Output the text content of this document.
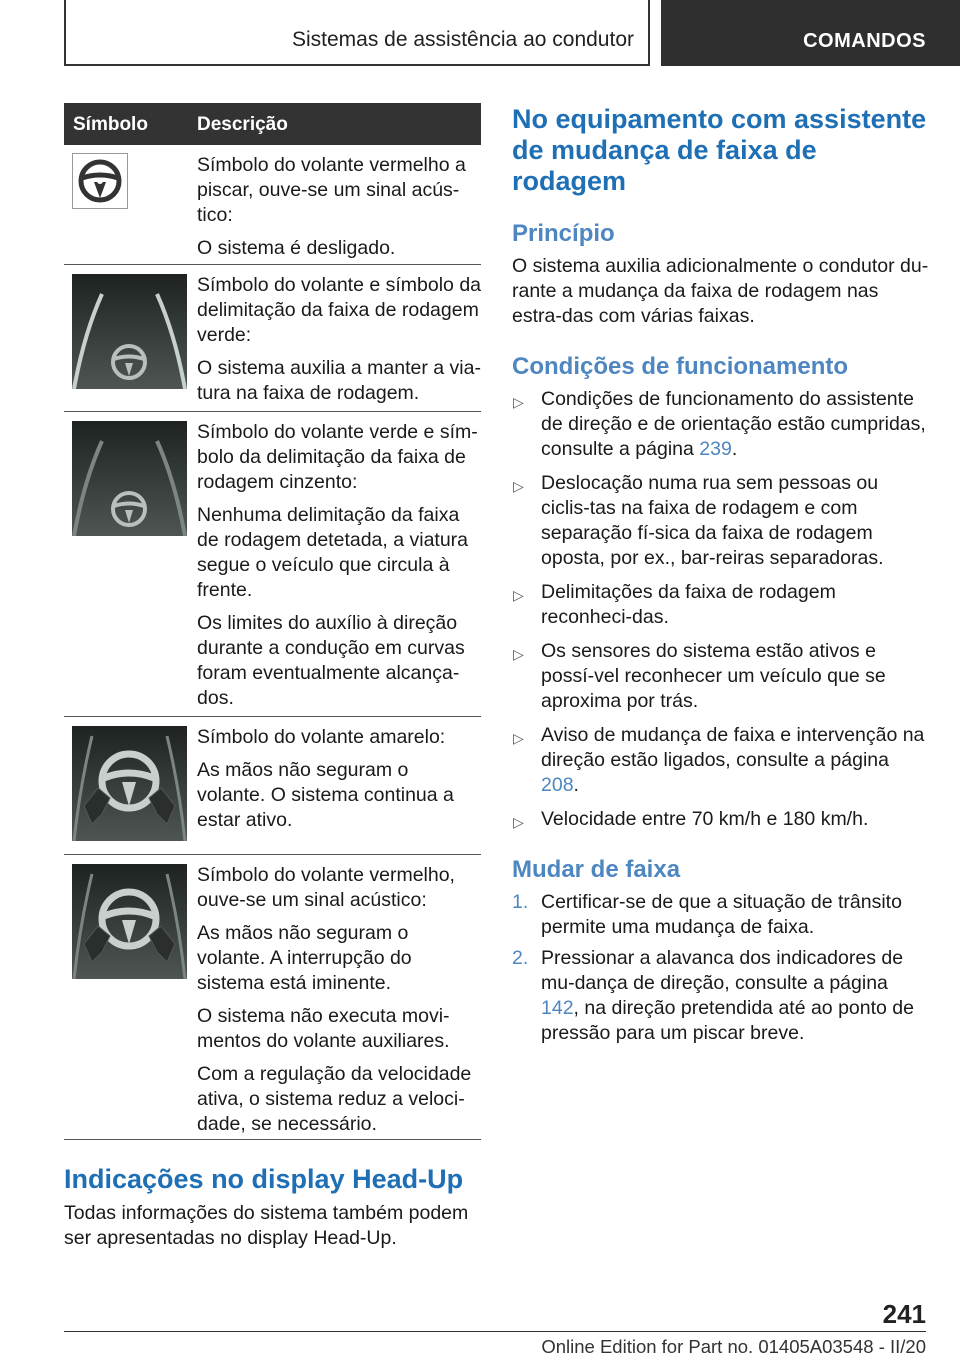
Sistemas de assistência ao condutor	COMANDOS
Símbolo	Descrição

Símbolo do volante vermelho a piscar, ouve-se um sinal acús-tico:

O sistema é desligado.

Símbolo do volante e símbolo da delimitação da faixa de rodagem verde:

O sistema auxilia a manter a via-tura na faixa de rodagem.

Símbolo do volante verde e sím-bolo da delimitação da faixa de rodagem cinzento:

Nenhuma delimitação da faixa de rodagem detetada, a viatura segue o veículo que circula à frente.

Os limites do auxílio à direção durante a condução em curvas foram eventualmente alcança-dos.

Símbolo do volante amarelo:

As mãos não seguram o volante. O sistema continua a estar ativo.

Símbolo do volante vermelho, ouve-se um sinal acústico:

As mãos não seguram o volante. A interrupção do sistema está iminente.

O sistema não executa movi-mentos do volante auxiliares.

Com a regulação da velocidade ativa, o sistema reduz a veloci-dade, se necessário.

Indicações no display Head-Up
Todas informações do sistema também podem ser apresentadas no display Head-Up.
No equipamento com assistente de mudança de faixa de rodagem
Princípio
O sistema auxilia adicionalmente o condutor du-rante a mudança da faixa de rodagem nas estra-das com várias faixas.
Condições de funcionamento
▷ Condições de funcionamento do assistente de direção e de orientação estão cumpridas, consulte a página 239.
▷ Deslocação numa rua sem pessoas ou ciclis-tas na faixa de rodagem e com separação fí-sica da faixa de rodagem oposta, por ex., bar-reiras separadoras.
▷ Delimitações da faixa de rodagem reconheci-das.
▷ Os sensores do sistema estão ativos e possí-vel reconhecer um veículo que se aproxima por trás.
▷ Aviso de mudança de faixa e intervenção na direção estão ligados, consulte a página 208.
▷ Velocidade entre 70 km/h e 180 km/h.
Mudar de faixa
1. Certificar-se de que a situação de trânsito permite uma mudança de faixa.
2. Pressionar a alavanca dos indicadores de mu-dança de direção, consulte a página 142, na direção pretendida até ao ponto de pressão para um piscar breve.
241
Online Edition for Part no. 01405A03548 - II/20
